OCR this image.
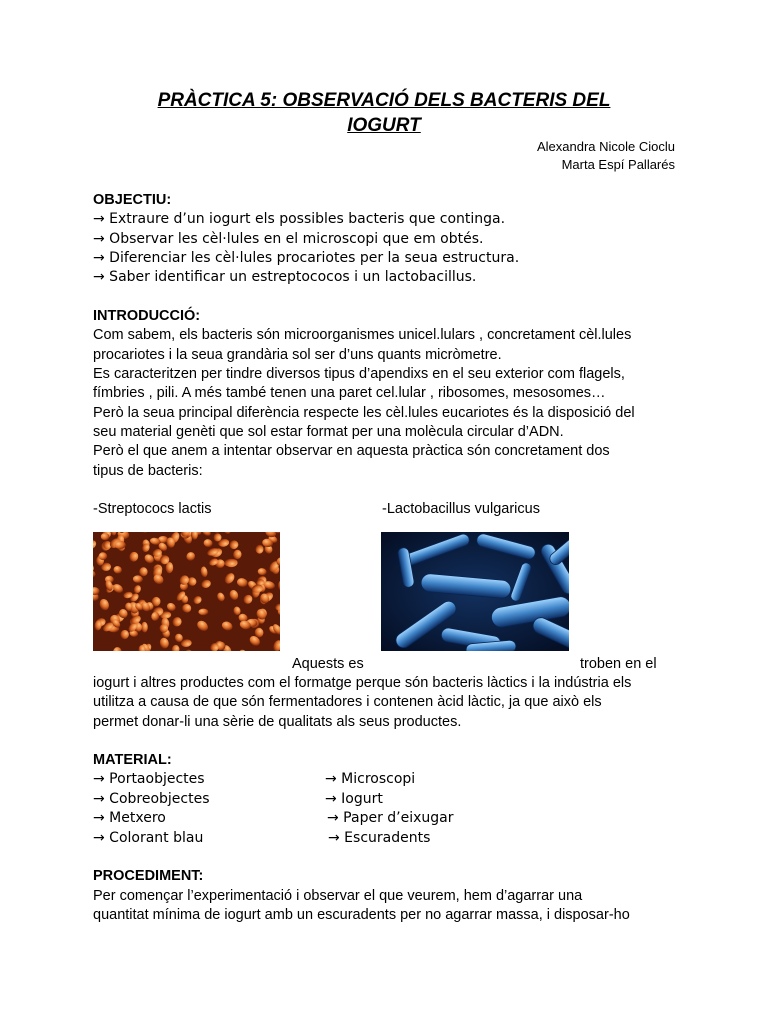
PRÀCTICA 5: OBSERVACIÓ DELS BACTERIS DEL
IOGURT
Alexandra Nicole Cioclu
Marta Espí Pallarés
OBJECTIU:
→ Extraure d’un iogurt els possibles bacteris que continga.
→ Observar les cèl·lules en el microscopi que em obtés.
→ Diferenciar les cèl·lules procariotes per la seua estructura.
→ Saber identificar un estreptococos i un lactobacillus.
INTRODUCCIÓ:
Com sabem, els bacteris són microorganismes unicel.lulars , concretament cèl.lules
procariotes i la seua grandària sol ser d’uns quants micròmetre.
Es caracteritzen per tindre diversos tipus d’apendixs en el seu exterior com flagels,
fímbries , pili. A més també tenen una paret cel.lular , ribosomes, mesosomes…
Però la seua principal diferència respecte les cèl.lules eucariotes és la disposició del
seu material genèti que sol estar format per una molècula circular d’ADN.
Però el que anem a intentar observar en aquesta pràctica són concretament dos
tipus de bacteris:
-Streptococs lactis	-Lactobacillus vulgaricus
Aquests es	troben en el
iogurt i altres productes com el formatge perque són bacteris làctics i la indústria els
utilitza a causa de que són fermentadores i contenen àcid làctic, ja que això els
permet donar-li una sèrie de qualitats als seus productes.
MATERIAL:
→ Portaobjectes
→ Cobreobjectes
→ Metxero
→ Colorant blau
→ Microscopi
→ Iogurt
→ Paper d’eixugar
→ Escuradents
PROCEDIMENT:
Per començar l’experimentació i observar el que veurem, hem d’agarrar una
quantitat mínima de iogurt amb un escuradents per no agarrar massa, i disposar-ho
